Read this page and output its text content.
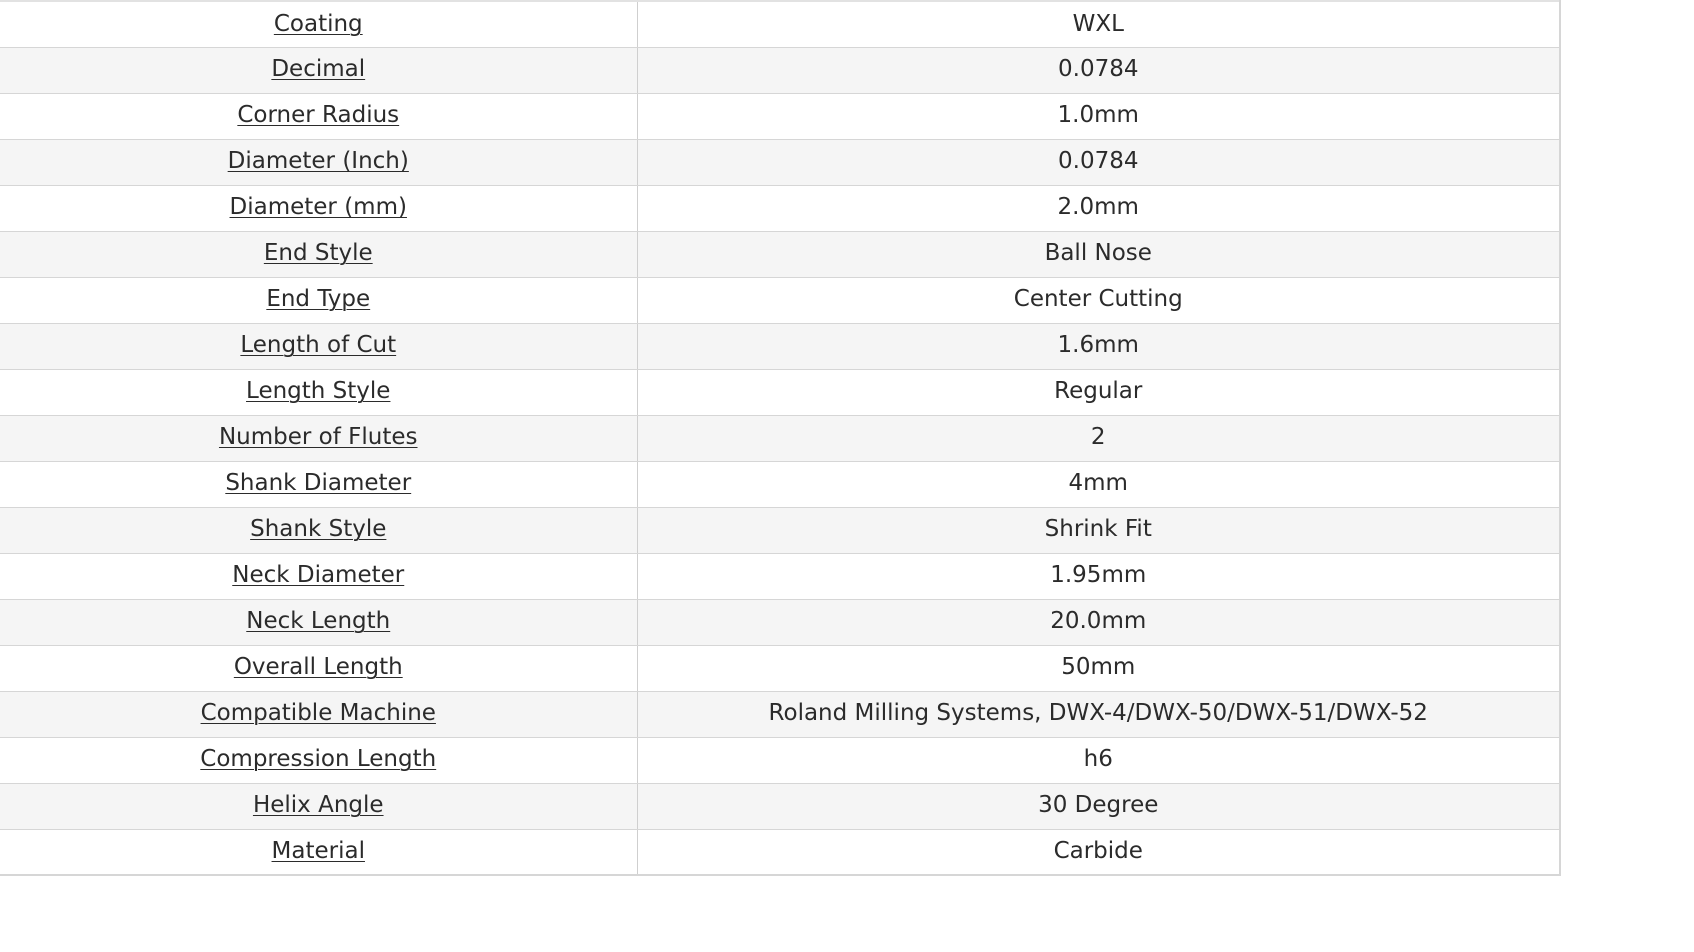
Coating	WXL
Decimal	0.0784
Corner Radius	1.0mm
Diameter (Inch)	0.0784
Diameter (mm)	2.0mm
End Style	Ball Nose
End Type	Center Cutting
Length of Cut	1.6mm
Length Style	Regular
Number of Flutes	2
Shank Diameter	4mm
Shank Style	Shrink Fit
Neck Diameter	1.95mm
Neck Length	20.0mm
Overall Length	50mm
Compatible Machine	Roland Milling Systems, DWX-4/DWX-50/DWX-51/DWX-52
Compression Length	h6
Helix Angle	30 Degree
Material	Carbide
